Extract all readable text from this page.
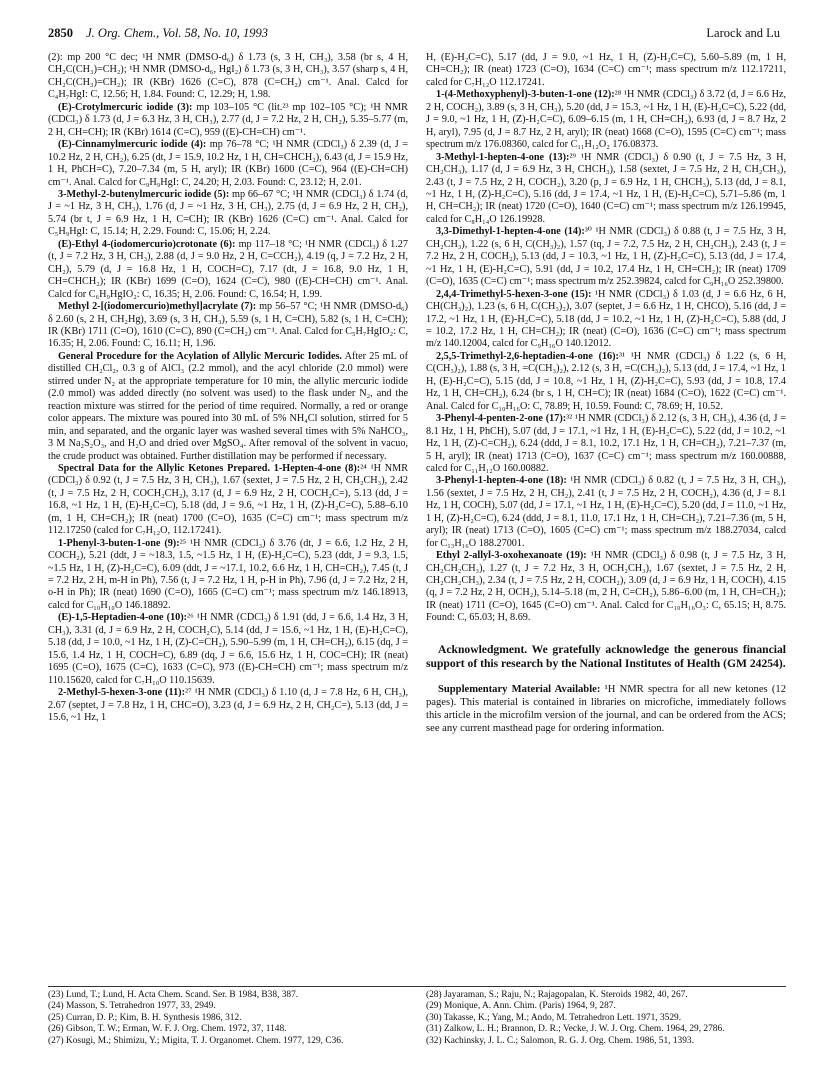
2850 J. Org. Chem., Vol. 58, No. 10, 1993	Larock and Lu

(2): mp 200 °C dec; ¹H NMR (DMSO-d₆) δ 1.73 (s, 3 H, CH₃), 3.58 (br s, 4 H, CH₂C(CH₃)=CH₂); ¹H NMR (DMSO-d₆, HgI₂) δ 1.73 (s, 3 H, CH₃), 3.57 (sharp s, 4 H, CH₂C(CH₃)=CH₂); IR (KBr) 1626 (C=C), 878 (C=CH₂) cm⁻¹. Anal. Calcd for C₄H₇HgI: C, 12.56; H, 1.84. Found: C, 12.29; H, 1.98.

(E)-Crotylmercuric iodide (3): mp 103–105 °C (lit.²³ mp 102–105 °C); ¹H NMR (CDCl₃) δ 1.73 (d, J = 6.3 Hz, 3 H, CH₃), 2.77 (d, J = 7.2 Hz, 2 H, CH₂), 5.35–5.77 (m, 2 H, CH=CH); IR (KBr) 1614 (C=C), 959 ((E)-CH=CH) cm⁻¹.

(E)-Cinnamylmercuric iodide (4): mp 76–78 °C; ¹H NMR (CDCl₃) δ 2.39 (d, J = 10.2 Hz, 2 H, CH₂), 6.25 (dt, J = 15.9, 10.2 Hz, 1 H, CH=CHCH₂), 6.43 (d, J = 15.9 Hz, 1 H, PhCH=C), 7.20–7.34 (m, 5 H, aryl); IR (KBr) 1600 (C=C), 964 ((E)-CH=CH) cm⁻¹. Anal. Calcd for C₉H₉HgI: C, 24.20; H, 2.03. Found: C, 23.12; H, 2.01.

3-Methyl-2-butenylmercuric iodide (5): mp 66–67 °C; ¹H NMR (CDCl₃) δ 1.74 (d, J = ~1 Hz, 3 H, CH₃), 1.76 (d, J = ~1 Hz, 3 H, CH₃), 2.75 (d, J = 6.9 Hz, 2 H, CH₂), 5.74 (br t, J = 6.9 Hz, 1 H, C=CH); IR (KBr) 1626 (C=C) cm⁻¹. Anal. Calcd for C₅H₉HgI: C, 15.14; H, 2.29. Found: C, 15.06; H, 2.24.

(E)-Ethyl 4-(iodomercurio)crotonate (6): mp 117–18 °C; ¹H NMR (CDCl₃) δ 1.27 (t, J = 7.2 Hz, 3 H, CH₃), 2.88 (d, J = 9.0 Hz, 2 H, C=CCH₂), 4.19 (q, J = 7.2 Hz, 2 H, CH₂), 5.79 (d, J = 16.8 Hz, 1 H, COCH=C), 7.17 (dt, J = 16.8, 9.0 Hz, 1 H, CH=CHCH₂); IR (KBr) 1699 (C=O), 1624 (C=C), 980 ((E)-CH=CH) cm⁻¹. Anal. Calcd for C₆H₉HgIO₂: C, 16.35; H, 2.06. Found: C, 16.54; H, 1.99.

Methyl 2-[(iodomercurio)methyl]acrylate (7): mp 56–57 °C; ¹H NMR (DMSO-d₆) δ 2.60 (s, 2 H, CH₂Hg), 3.69 (s, 3 H, CH₃), 5.59 (s, 1 H, C=CH), 5.82 (s, 1 H, C=CH); IR (KBr) 1711 (C=O), 1610 (C=C), 890 (C=CH₂) cm⁻¹. Anal. Calcd for C₅H₇HgIO₂: C, 16.35; H, 2.06. Found: C, 16.11; H, 1.96.

General Procedure for the Acylation of Allylic Mercuric Iodides. After 25 mL of distilled CH₂Cl₂, 0.3 g of AlCl₃ (2.2 mmol), and the acyl chloride (2.0 mmol) were stirred under N₂ at the appropriate temperature for 10 min, the allylic mercuric iodide (2.0 mmol) was added directly (no solvent was used) to the flask under N₂, and the reaction mixture was stirred for the period of time required. Normally, a red or orange color appears. The mixture was poured into 30 mL of 5% NH₄Cl solution, stirred for 5 min, and separated, and the organic layer was washed several times with 5% NaHCO₃, 3 M Na₂S₂O₃, and H₂O and dried over MgSO₄. After removal of the solvent in vacuo, the crude product was obtained. Further distillation may be performed if necessary.

Spectral Data for the Allylic Ketones Prepared. 1-Hepten-4-one (8):²⁴ ¹H NMR (CDCl₃) δ 0.92 (t, J = 7.5 Hz, 3 H, CH₃), 1.67 (sextet, J = 7.5 Hz, 2 H, CH₂CH₃), 2.42 (t, J = 7.5 Hz, 2 H, COCH₂CH₂), 3.17 (d, J = 6.9 Hz, 2 H, COCH₂C=), 5.13 (dd, J = 16.8, ~1 Hz, 1 H, (E)-H₂C=C), 5.18 (dd, J = 9.6, ~1 Hz, 1 H, (Z)-H₂C=C), 5.88–6.10 (m, 1 H, CH=CH₂); IR (neat) 1700 (C=O), 1635 (C=C) cm⁻¹; mass spectrum m/z 112.17250 (calcd for C₇H₁₂O, 112.17241).

1-Phenyl-3-buten-1-one (9):²⁵ ¹H NMR (CDCl₃) δ 3.76 (dt, J = 6.6, 1.2 Hz, 2 H, COCH₂), 5.21 (ddt, J = ~18.3, 1.5, ~1.5 Hz, 1 H, (E)-H₂C=C), 5.23 (ddt, J = 9.3, 1.5, ~1.5 Hz, 1 H, (Z)-H₂C=C), 6.09 (ddt, J = ~17.1, 10.2, 6.6 Hz, 1 H, CH=CH₂), 7.45 (t, J = 7.2 Hz, 2 H, m-H in Ph), 7.56 (t, J = 7.2 Hz, 1 H, p-H in Ph), 7.96 (d, J = 7.2 Hz, 2 H, o-H in Ph); IR (neat) 1690 (C=O), 1665 (C=C) cm⁻¹; mass spectrum m/z 146.18913, calcd for C₁₀H₁₀O 146.18892.

(E)-1,5-Heptadien-4-one (10):²⁶ ¹H NMR (CDCl₃) δ 1.91 (dd, J = 6.6, 1.4 Hz, 3 H, CH₃), 3.31 (d, J = 6.9 Hz, 2 H, COCH₂C), 5.14 (dd, J = 15.6, ~1 Hz, 1 H, (E)-H₂C=C), 5.18 (dd, J = 10.0, ~1 Hz, 1 H, (Z)-C=CH₂), 5.90–5.99 (m, 1 H, CH=CH₂), 6.15 (dq, J = 15.6, 1.4 Hz, 1 H, COCH=C), 6.89 (dq, J = 6.6, 15.6 Hz, 1 H, COC=CH); IR (neat) 1695 (C=O), 1675 (C=C), 1633 (C=C), 973 ((E)-CH=CH) cm⁻¹; mass spectrum m/z 110.15620, calcd for C₇H₁₀O 110.15639.

2-Methyl-5-hexen-3-one (11):²⁷ ¹H NMR (CDCl₃) δ 1.10 (d, J = 7.8 Hz, 6 H, CH₃), 2.67 (septet, J = 7.8 Hz, 1 H, CHC=O), 3.23 (d, J = 6.9 Hz, 2 H, CH₂C=), 5.13 (dd, J = 15.6, ~1 Hz, 1

H, (E)-H₂C=C), 5.17 (dd, J = 9.0, ~1 Hz, 1 H, (Z)-H₂C=C), 5.60–5.89 (m, 1 H, CH=CH₂); IR (neat) 1723 (C=O), 1634 (C=C) cm⁻¹; mass spectrum m/z 112.17211, calcd for C₇H₁₂O 112.17241.

1-(4-Methoxyphenyl)-3-buten-1-one (12):²⁸ ¹H NMR (CDCl₃) δ 3.72 (d, J = 6.6 Hz, 2 H, COCH₂), 3.89 (s, 3 H, CH₃), 5.20 (dd, J = 15.3, ~1 Hz, 1 H, (E)-H₂C=C), 5.22 (dd, J = 9.0, ~1 Hz, 1 H, (Z)-H₂C=C), 6.09–6.15 (m, 1 H, CH=CH₂), 6.93 (d, J = 8.7 Hz, 2 H, aryl), 7.95 (d, J = 8.7 Hz, 2 H, aryl); IR (neat) 1668 (C=O), 1595 (C=C) cm⁻¹; mass spectrum m/z 176.08360, calcd for C₁₁H₁₂O₂ 176.08373.

3-Methyl-1-hepten-4-one (13):²⁹ ¹H NMR (CDCl₃) δ 0.90 (t, J = 7.5 Hz, 3 H, CH₂CH₃), 1.17 (d, J = 6.9 Hz, 3 H, CHCH₃), 1.58 (sextet, J = 7.5 Hz, 2 H, CH₂CH₃), 2.43 (t, J = 7.5 Hz, 2 H, COCH₂), 3.20 (p, J = 6.9 Hz, 1 H, CHCH₃), 5.13 (dd, J = 8.1, ~1 Hz, 1 H, (Z)-H₂C=C), 5.16 (dd, J = 17.4, ~1 Hz, 1 H, (E)-H₂C=C), 5.71–5.86 (m, 1 H, CH=CH₂); IR (neat) 1720 (C=O), 1640 (C=C) cm⁻¹; mass spectrum m/z 126.19945, calcd for C₈H₁₄O 126.19928.

3,3-Dimethyl-1-hepten-4-one (14):³⁰ ¹H NMR (CDCl₃) δ 0.88 (t, J = 7.5 Hz, 3 H, CH₂CH₃), 1.22 (s, 6 H, C(CH₃)₂), 1.57 (tq, J = 7.2, 7.5 Hz, 2 H, CH₂CH₃), 2.43 (t, J = 7.2 Hz, 2 H, COCH₂), 5.13 (dd, J = 10.3, ~1 Hz, 1 H, (Z)-H₂C=C), 5.13 (dd, J = 17.4, ~1 Hz, 1 H, (E)-H₂C=C), 5.91 (dd, J = 10.2, 17.4 Hz, 1 H, CH=CH₂); IR (neat) 1709 (C=O), 1635 (C=C) cm⁻¹; mass spectrum m/z 252.39824, calcd for C₉H₁₆O 252.39800.

2,4,4-Trimethyl-5-hexen-3-one (15): ¹H NMR (CDCl₃) δ 1.03 (d, J = 6.6 Hz, 6 H, CH(CH₃)₂), 1.23 (s, 6 H, C(CH₃)₂), 3.07 (septet, J = 6.6 Hz, 1 H, CHCO), 5.16 (dd, J = 17.2, ~1 Hz, 1 H, (E)-H₂C=C), 5.18 (dd, J = 10.2, ~1 Hz, 1 H, (Z)-H₂C=C), 5.88 (dd, J = 10.2, 17.2 Hz, 1 H, CH=CH₂); IR (neat) (C=O), 1636 (C=C) cm⁻¹; mass spectrum m/z 140.12004, calcd for C₉H₁₆O 140.12012.

2,5,5-Trimethyl-2,6-heptadien-4-one (16):³¹ ¹H NMR (CDCl₃) δ 1.22 (s, 6 H, C(CH₃)₂), 1.88 (s, 3 H, =C(CH₃)₂), 2.12 (s, 3 H, =C(CH₃)₂), 5.13 (dd, J = 17.4, ~1 Hz, 1 H, (E)-H₂C=C), 5.15 (dd, J = 10.8, ~1 Hz, 1 H, (Z)-H₂C=C), 5.93 (dd, J = 10.8, 17.4 Hz, 1 H, CH=CH₂), 6.24 (br s, 1 H, CH=C); IR (neat) 1684 (C=O), 1622 (C=C) cm⁻¹. Anal. Calcd for C₁₀H₁₆O: C, 78.89; H, 10.59. Found: C, 78.69; H, 10.52.

3-Phenyl-4-penten-2-one (17):³² ¹H NMR (CDCl₃) δ 2.12 (s, 3 H, CH₃), 4.36 (d, J = 8.1 Hz, 1 H, PhCH), 5.07 (dd, J = 17.1, ~1 Hz, 1 H, (E)-H₂C=C), 5.22 (dd, J = 10.2, ~1 Hz, 1 H, (Z)-C=CH₂), 6.24 (ddd, J = 8.1, 10.2, 17.1 Hz, 1 H, CH=CH₂), 7.21–7.37 (m, 5 H, aryl); IR (neat) 1713 (C=O), 1637 (C=C) cm⁻¹; mass spectrum m/z 160.00888, calcd for C₁₁H₁₂O 160.00882.

3-Phenyl-1-hepten-4-one (18): ¹H NMR (CDCl₃) δ 0.82 (t, J = 7.5 Hz, 3 H, CH₃), 1.56 (sextet, J = 7.5 Hz, 2 H, CH₂), 2.41 (t, J = 7.5 Hz, 2 H, COCH₂), 4.36 (d, J = 8.1 Hz, 1 H, COCH), 5.07 (dd, J = 17.1, ~1 Hz, 1 H, (E)-H₂C=C), 5.20 (dd, J = 11.0, ~1 Hz, 1 H, (Z)-H₂C=C), 6.24 (ddd, J = 8.1, 11.0, 17.1 Hz, 1 H, CH=CH₂), 7.21–7.36 (m, 5 H, aryl); IR (neat) 1713 (C=O), 1605 (C=C) cm⁻¹; mass spectrum m/z 188.27034, calcd for C₁₃H₁₆O 188.27001.

Ethyl 2-allyl-3-oxohexanoate (19): ¹H NMR (CDCl₃) δ 0.98 (t, J = 7.5 Hz, 3 H, CH₂CH₂CH₃), 1.27 (t, J = 7.2 Hz, 3 H, OCH₂CH₃), 1.67 (sextet, J = 7.5 Hz, 2 H, CH₂CH₂CH₃), 2.34 (t, J = 7.5 Hz, 2 H, COCH₂), 3.09 (d, J = 6.9 Hz, 1 H, COCH), 4.15 (q, J = 7.2 Hz, 2 H, OCH₂), 5.14–5.18 (m, 2 H, C=CH₂), 5.86–6.00 (m, 1 H, CH=CH₂); IR (neat) 1711 (C=O), 1645 (C=O) cm⁻¹. Anal. Calcd for C₁₀H₁₆O₃: C, 65.15; H, 8.75. Found: C, 65.03; H, 8.69.

Acknowledgment. We gratefully acknowledge the generous financial support of this research by the National Institutes of Health (GM 24254).

Supplementary Material Available: ¹H NMR spectra for all new ketones (12 pages). This material is contained in libraries on microfiche, immediately follows this article in the microfilm version of the journal, and can be ordered from the ACS; see any current masthead page for ordering information.

(23) Lund, T.; Lund, H. Acta Chem. Scand. Ser. B 1984, B38, 387.
(24) Masson, S. Tetrahedron 1977, 33, 2949.
(25) Curran, D. P.; Kim, B. H. Synthesis 1986, 312.
(26) Gibson, T. W.; Erman, W. F. J. Org. Chem. 1972, 37, 1148.
(27) Kosugi, M.; Shimizu, Y.; Migita, T. J. Organomet. Chem. 1977, 129, C36.
(28) Jayaraman, S.; Raju, N.; Rajagopalan, K. Steroids 1982, 40, 267.
(29) Monique, A. Ann. Chim. (Paris) 1964, 9, 287.
(30) Takasse, K.; Yang, M.; Ando, M. Tetrahedron Lett. 1971, 3529.
(31) Zalkow, L. H.; Brannon, D. R.; Vecke, J. W. J. Org. Chem. 1964, 29, 2786.
(32) Kachinsky, J. L. C.; Salomon, R. G. J. Org. Chem. 1986, 51, 1393.
